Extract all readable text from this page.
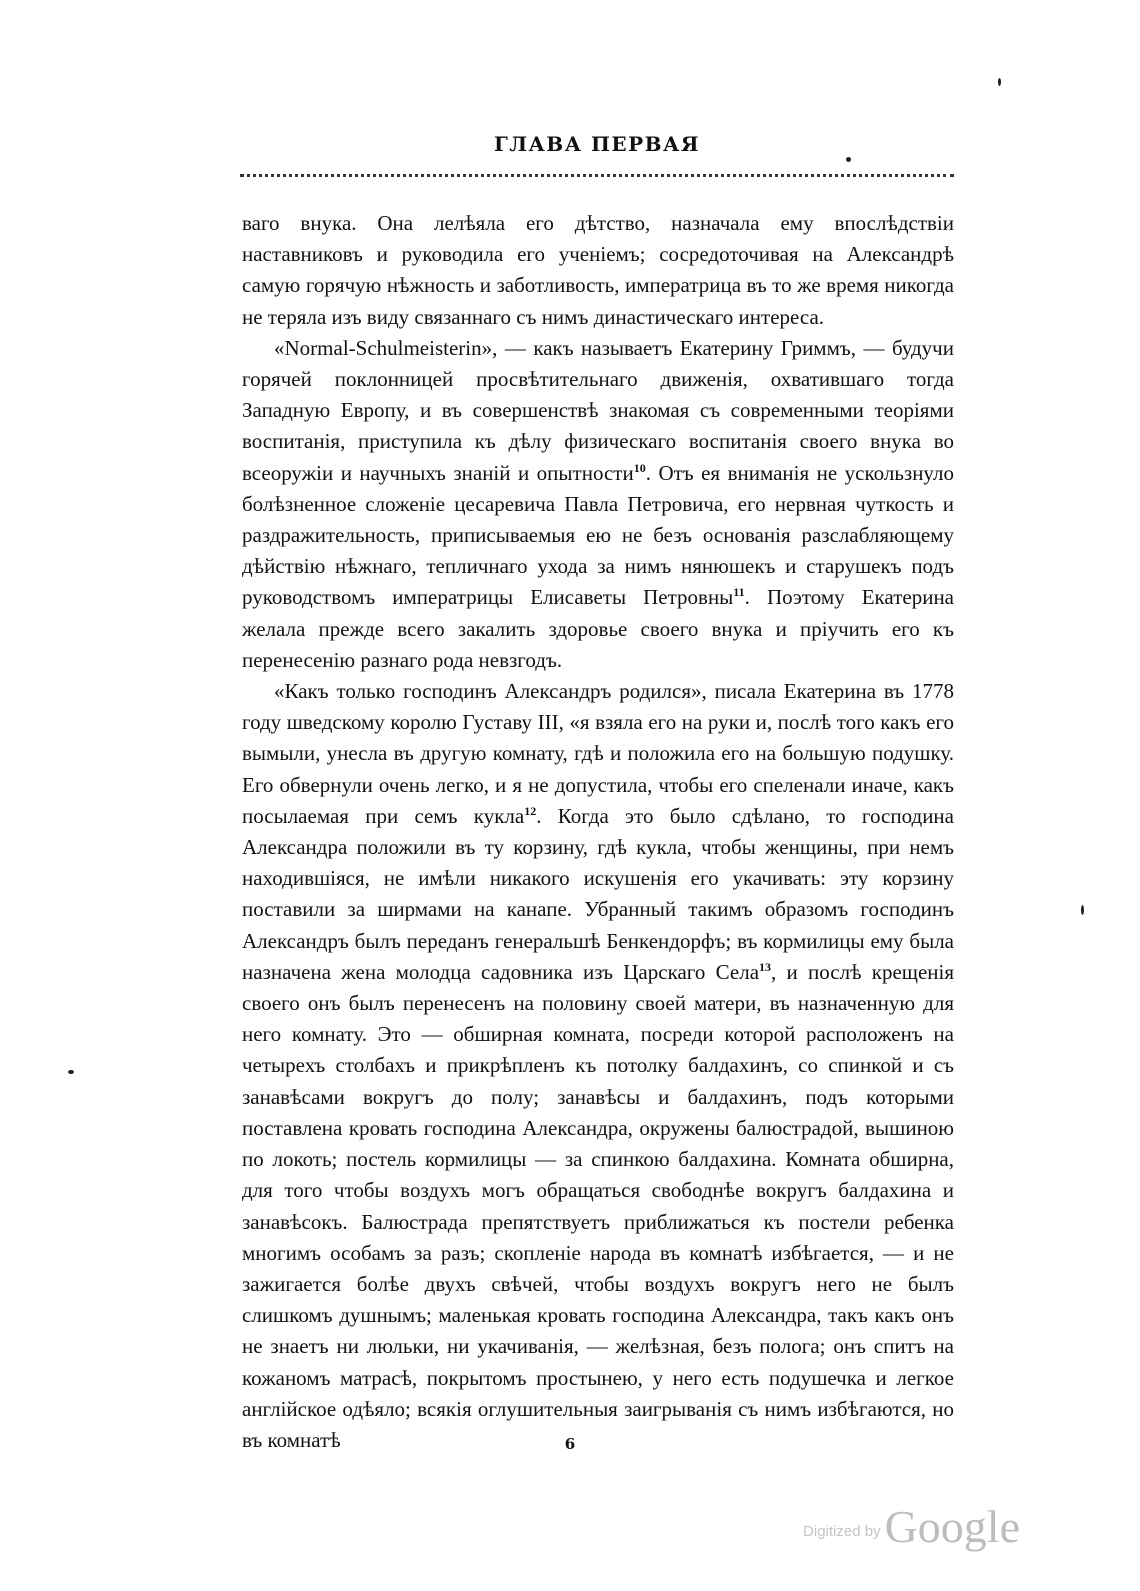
ГЛАВА ПЕРВАЯ

ваго внука. Она лелѣяла его дѣтство, назначала ему впослѣдствіи наставниковъ и руководила его ученіемъ; сосредоточивая на Александрѣ самую горячую нѣжность и заботливость, императрица въ то же время никогда не теряла изъ виду связаннаго съ нимъ династическаго интереса.

«Normal-Schulmeisterin», — какъ называетъ Екатерину Гриммъ, — будучи горячей поклонницей просвѣтительнаго движенія, охватившаго тогда Западную Европу, и въ совершенствѣ знакомая съ современными теоріями воспитанія, приступила къ дѣлу физическаго воспитанія своего внука во всеоружіи и научныхъ знаній и опытности$^{10}$. Отъ ея вниманія не ускользнуло болѣзненное сложеніе цесаревича Павла Петровича, его нервная чуткость и раздражительность, приписываемыя ею не безъ основанія разслабляющему дѣйствію нѣжнаго, тепличнаго ухода за нимъ нянюшекъ и старушекъ подъ руководствомъ императрицы Елисаветы Петровны$^{11}$. Поэтому Екатерина желала прежде всего закалить здоровье своего внука и пріучить его къ перенесенію разнаго рода невзгодъ.

«Какъ только господинъ Александръ родился», писала Екатерина въ 1778 году шведскому королю Густаву III, «я взяла его на руки и, послѣ того какъ его вымыли, унесла въ другую комнату, гдѣ и положила его на большую подушку. Его обвернули очень легко, и я не допустила, чтобы его спеленали иначе, какъ посылаемая при семъ кукла$^{12}$. Когда это было сдѣлано, то господина Александра положили въ ту корзину, гдѣ кукла, чтобы женщины, при немъ находившіяся, не имѣли никакого искушенія его укачивать: эту корзину поставили за ширмами на канапе. Убранный такимъ образомъ господинъ Александръ былъ переданъ генеральшѣ Бенкендорфъ; въ кормилицы ему была назначена жена молодца садовника изъ Царскаго Села$^{13}$, и послѣ крещенія своего онъ былъ перенесенъ на половину своей матери, въ назначенную для него комнату. Это — обширная комната, посреди которой расположенъ на четырехъ столбахъ и прикрѣпленъ къ потолку балдахинъ, со спинкой и съ занавѣсами вокругъ до полу; занавѣсы и балдахинъ, подъ которыми поставлена кровать господина Александра, окружены балюстрадой, вышиною по локоть; постель кормилицы — за спинкою балдахина. Комната обширна, для того чтобы воздухъ могъ обращаться свободнѣе вокругъ балдахина и занавѣсокъ. Балюстрада препятствуетъ приближаться къ постели ребенка многимъ особамъ за разъ; скопленіе народа въ комнатѣ избѣгается, — и не зажигается болѣе двухъ свѣчей, чтобы воздухъ вокругъ него не былъ слишкомъ душнымъ; маленькая кровать господина Александра, такъ какъ онъ не знаетъ ни люльки, ни укачиванія, — желѣзная, безъ полога; онъ спитъ на кожаномъ матрасѣ, покрытомъ простынею, у него есть подушечка и легкое англійское одѣяло; всякія оглушительныя заигрыванія съ нимъ избѣгаются, но въ комнатѣ	6
Digitized byGoogle
